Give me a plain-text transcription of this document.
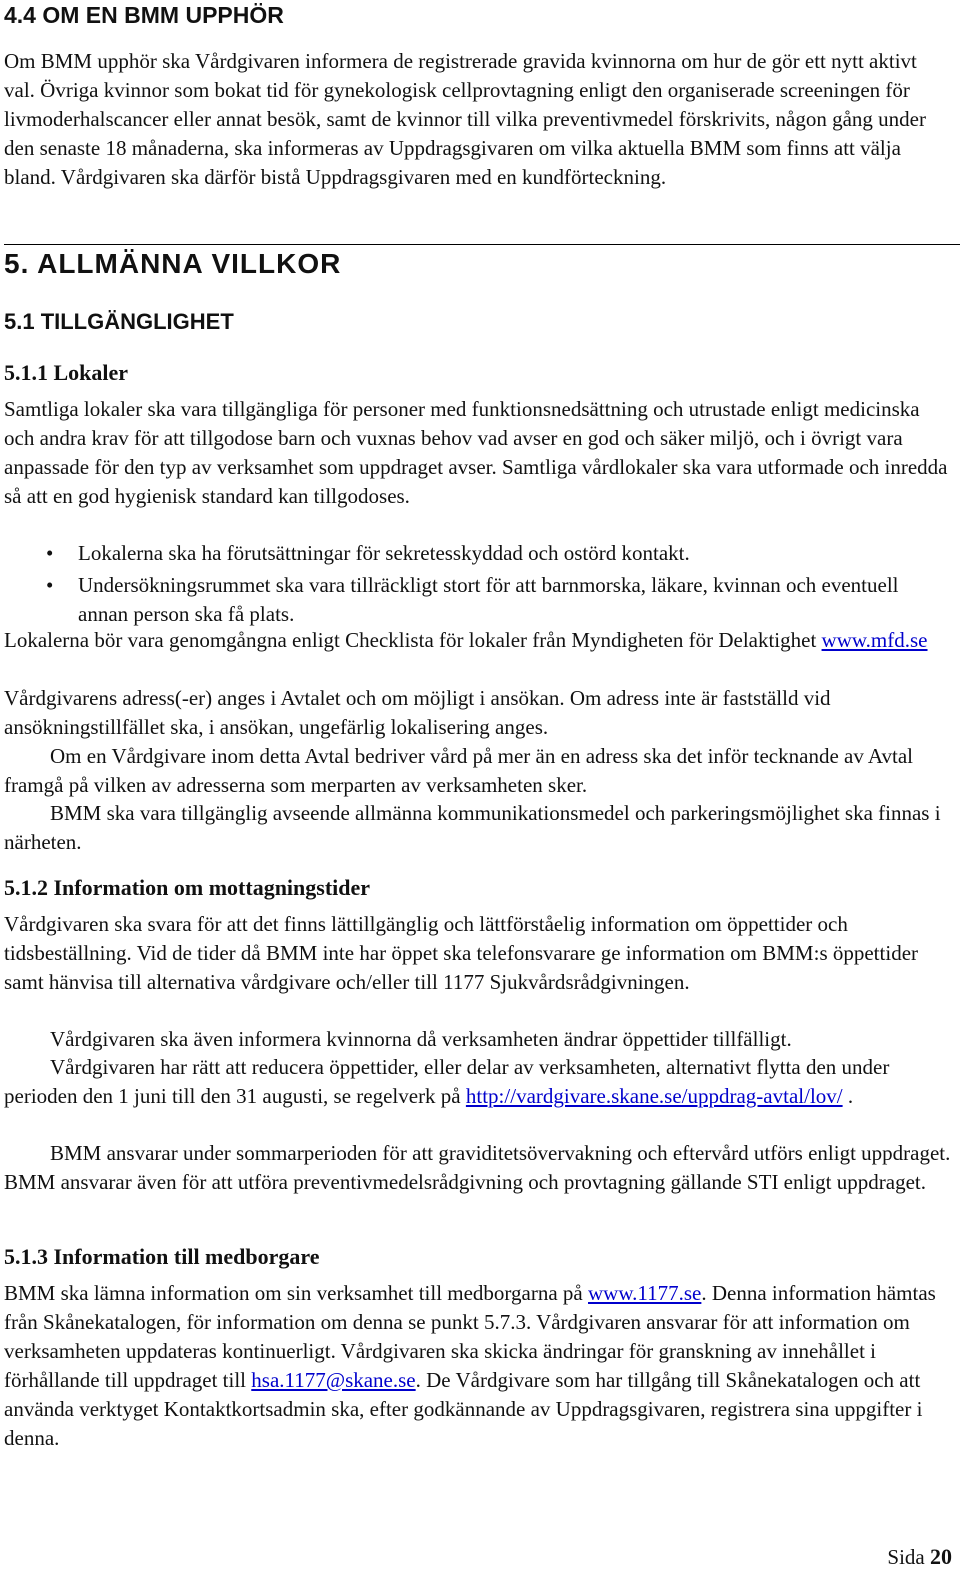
4.4 OM EN BMM UPPHÖR

Om BMM upphör ska Vårdgivaren informera de registrerade gravida kvinnorna om hur de gör ett nytt aktivt val. Övriga kvinnor som bokat tid för gynekologisk cellprovtagning enligt den organiserade screeningen för livmoderhalscancer eller annat besök, samt de kvinnor till vilka preventivmedel förskrivits, någon gång under den senaste 18 månaderna, ska informeras av Uppdragsgivaren om vilka aktuella BMM som finns att välja bland. Vårdgivaren ska därför bistå Uppdragsgivaren med en kundförteckning.

5. ALLMÄNNA VILLKOR
5.1 TILLGÄNGLIGHET
5.1.1 Lokaler

Samtliga lokaler ska vara tillgängliga för personer med funktionsnedsättning och utrustade enligt medicinska och andra krav för att tillgodose barn och vuxnas behov vad avser en god och säker miljö, och i övrigt vara anpassade för den typ av verksamhet som uppdraget avser. Samtliga vårdlokaler ska vara utformade och inredda så att en god hygienisk standard kan tillgodoses.

• Lokalerna ska ha förutsättningar för sekretesskyddad och ostörd kontakt.
• Undersökningsrummet ska vara tillräckligt stort för att barnmorska, läkare, kvinnan och eventuell annan person ska få plats.

Lokalerna bör vara genomgångna enligt Checklista för lokaler från Myndigheten för Delaktighet www.mfd.se

Vårdgivarens adress(-er) anges i Avtalet och om möjligt i ansökan. Om adress inte är fastställd vid ansökningstillfället ska, i ansökan, ungefärlig lokalisering anges.

Om en Vårdgivare inom detta Avtal bedriver vård på mer än en adress ska det inför tecknande av Avtal framgå på vilken av adresserna som merparten av verksamheten sker.

BMM ska vara tillgänglig avseende allmänna kommunikationsmedel och parkeringsmöjlighet ska finnas i närheten.

5.1.2 Information om mottagningstider

Vårdgivaren ska svara för att det finns lättillgänglig och lättförståelig information om öppettider och tidsbeställning. Vid de tider då BMM inte har öppet ska telefonsvarare ge information om BMM:s öppettider samt hänvisa till alternativa vårdgivare och/eller till 1177 Sjukvårdsrådgivningen.

Vårdgivaren ska även informera kvinnorna då verksamheten ändrar öppettider tillfälligt.

Vårdgivaren har rätt att reducera öppettider, eller delar av verksamheten, alternativt flytta den under perioden den 1 juni till den 31 augusti, se regelverk på http://vardgivare.skane.se/uppdrag-avtal/lov/ .

BMM ansvarar under sommarperioden för att graviditetsövervakning och eftervård utförs enligt uppdraget. BMM ansvarar även för att utföra preventivmedelsrådgivning och provtagning gällande STI enligt uppdraget.

5.1.3 Information till medborgare

BMM ska lämna information om sin verksamhet till medborgarna på www.1177.se. Denna information hämtas från Skånekatalogen, för information om denna se punkt 5.7.3. Vårdgivaren ansvarar för att information om verksamheten uppdateras kontinuerligt. Vårdgivaren ska skicka ändringar för granskning av innehållet i förhållande till uppdraget till hsa.1177@skane.se. De Vårdgivare som har tillgång till Skånekatalogen och att använda verktyget Kontaktkortsadmin ska, efter godkännande av Uppdragsgivaren, registrera sina uppgifter i denna.

Sida 20
